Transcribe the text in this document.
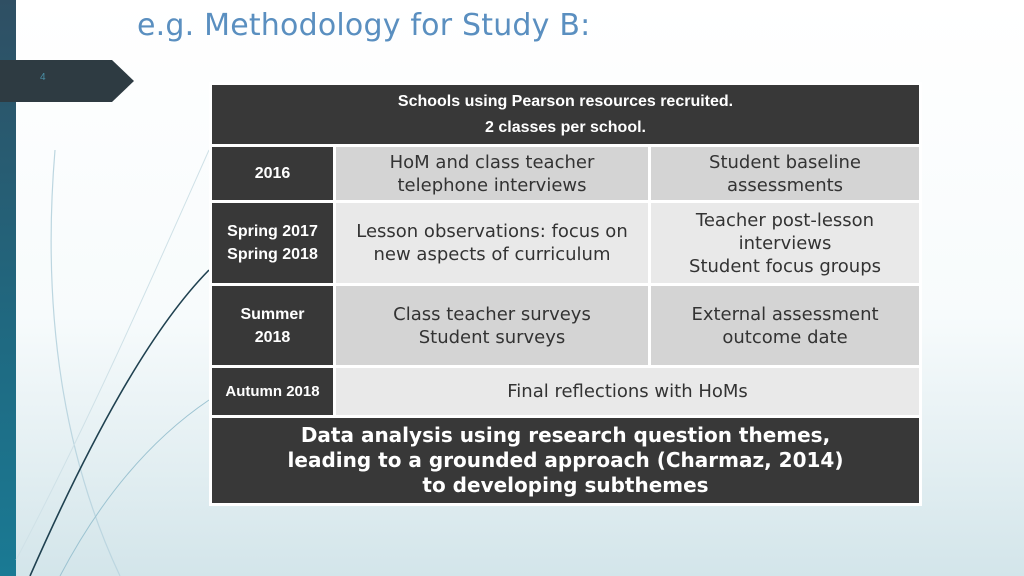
4
e.g. Methodology for Study B:
Schools using Pearson resources recruited.
2 classes per school.		

2016	HoM and class teacher
telephone interviews	Student baseline
assessments

Spring 2017
Spring 2018	Lesson observations: focus on
new aspects of curriculum	Teacher post-lesson
interviews
Student focus groups

Summer
2018	Class teacher surveys
Student surveys	External assessment
outcome date

Autumn 2018	Final reflections with HoMs	

Data analysis using research question themes,
leading to a grounded approach (Charmaz, 2014)
to developing subthemes		
